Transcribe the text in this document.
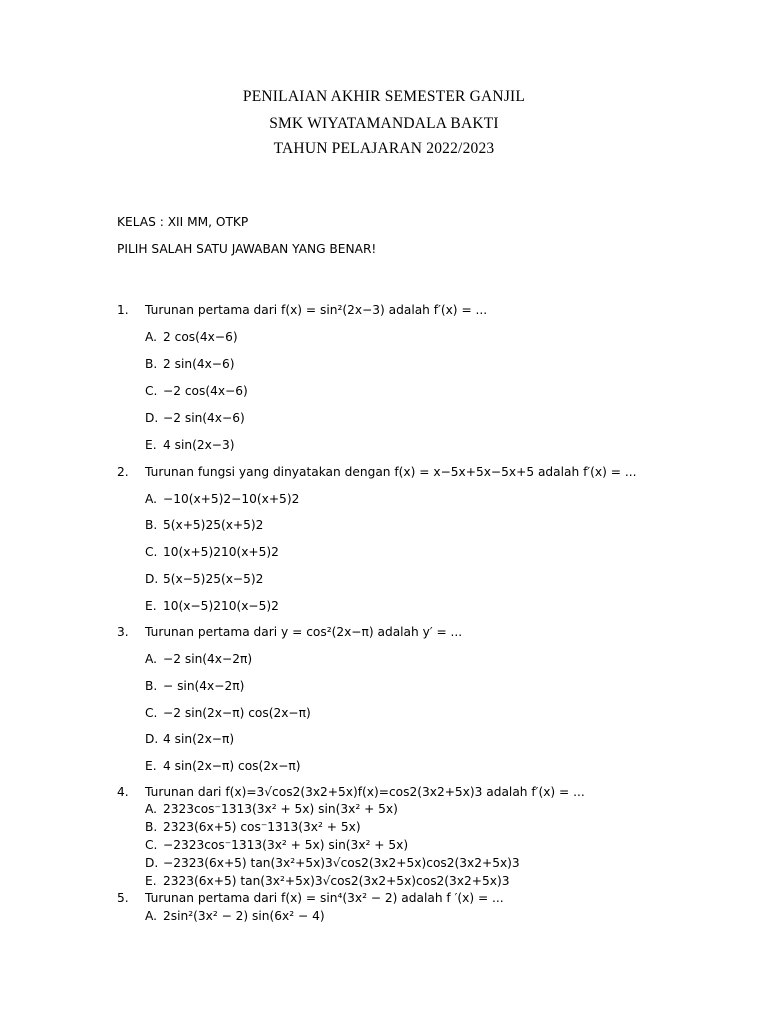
PENILAIAN AKHIR SEMESTER GANJIL
SMK WIYATAMANDALA BAKTI
TAHUN PELAJARAN 2022/2023
KELAS : XII MM, OTKP
PILIH SALAH SATU JAWABAN YANG BENAR!
1. Turunan pertama dari f(x) = sin²(2x−3) adalah f′(x) = ...
A. 2 cos(4x−6)
B. 2 sin(4x−6)
C. −2 cos(4x−6)
D. −2 sin(4x−6)
E. 4 sin(2x−3)
2. Turunan fungsi yang dinyatakan dengan f(x) = x−5x+5x−5x+5 adalah f′(x) = ...
A. −10(x+5)2−10(x+5)2
B. 5(x+5)25(x+5)2
C. 10(x+5)210(x+5)2
D. 5(x−5)25(x−5)2
E. 10(x−5)210(x−5)2
3. Turunan pertama dari y = cos²(2x−π) adalah y′ = ...
A. −2 sin(4x−2π)
B. − sin(4x−2π)
C. −2 sin(2x−π) cos(2x−π)
D. 4 sin(2x−π)
E. 4 sin(2x−π) cos(2x−π)
4. Turunan dari f(x)=3√cos2(3x2+5x)f(x)=cos2(3x2+5x)3 adalah f′(x) = ...
A. 2323cos⁻1313(3x² + 5x) sin(3x² + 5x)
B. 2323(6x+5) cos⁻1313(3x² + 5x)
C. −2323cos⁻1313(3x² + 5x) sin(3x² + 5x)
D. −2323(6x+5) tan(3x²+5x)3√cos2(3x2+5x)cos2(3x2+5x)3
E. 2323(6x+5) tan(3x²+5x)3√cos2(3x2+5x)cos2(3x2+5x)3
5. Turunan pertama dari f(x) = sin⁴(3x² − 2) adalah f ′(x) = ...
A. 2sin²(3x² − 2) sin(6x² − 4)
